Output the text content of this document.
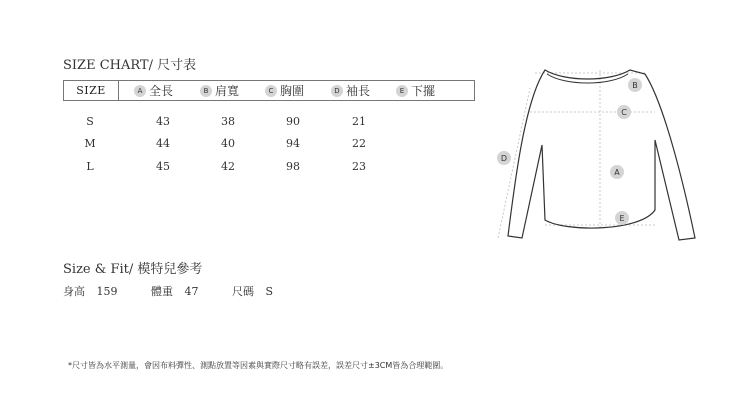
SIZE CHART/ 尺寸表
SIZE	A 全長	B 肩寬	C 胸圍	D 袖長	E 下擺
S	43	38	90	21
M	44	40	94	22
L	45	42	98	23
Size & Fit/ 模特兒參考
身高 159	體重 47	尺碼 S
*尺寸皆為水平測量，會因布料彈性、測點放置等因素與實際尺寸略有誤差，誤差尺寸±3CM皆為合理範圍。
B
C
D
A
E
